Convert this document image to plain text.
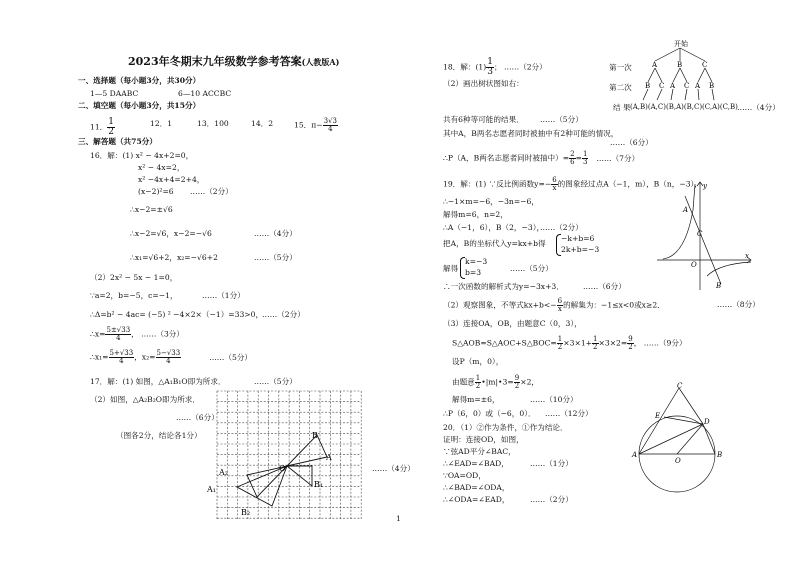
2023年冬期末九年级数学参考答案(人教版A)
一、选择题（每小题3分，共30分）
1—5 DAABC	6—10 ACCBC
二、填空题（每小题3分，共15分）
11． $\frac{1}{2}$	12．1	13．100	14．2	15．$\pi- \frac{3√3}{4}$
三、解答题（共75分）
16．解：(1) x² − 4x+2=0，
x² − 4x=2，
x² −4x+4=2+4，
(x−2)²=6 ……（2分）
∴x−2=±√6
∴x−2=√6，x−2=−√6	……（4分）
∴x₁=√6+2，x₂=−√6+2	……（5分）
（2）2x² − 5x − 1=0，
∵a=2，b=−5，c=−1，	……（1分）
∴Δ=b² − 4ac= (−5) ² −4×2×（−1）=33>0，
……（2分）
∴x= $\frac{5\pm√33}{4}$ ， ……（3分）
∴x₁= $\frac{5+√33}{4}$ ，$x_2= \frac{5-√33}{4}$	……（5分）
17．解：(1) 如图，△A₁B₁O即为所求．	……（5分）
（2）如图，△A₂B₂O即为所求．
……（6分）
（图各2分，结论各1分）
……（4分）
B
A
O
B₁
A₁
A₂
B₂
1
18．解：$(1) \frac{1}{3}$ ； ……（2分）
（2）画出树状图如右：
第一次
第二次
结 果
开始
A	B	C
B C A C A B
(A,B)(A,C)(B,A)(B,C)(C,A)(C,B) ……（4分）
共有6种等可能的结果． ……（5分）
其中A，B两名志愿者同时被抽中有2种可能的情况，
……（6分）
∴P（A，B两名志愿者同时被抽中）= $\frac{2}{6} = \frac{1}{3}$ ……（7分）
19．解：(1) ∵反比例函数$y=- \frac{6}{x}$ 的图象经过点A（−1，m），B（n，−3），
∴−1×m=−6，−3n=−6，
解得m=6，n=2，
∴A（−1，6），B（2，−3），
……（2分）
把A，B的坐标代入y=kx+b得
−k+b=6
2k+b=−3
解得
k=−3
b=3	……（5分）
∴一次函数的解析式为y=−3x+3．	……（6分）
（2）观察图象，不等式$kx+b<- \frac{6}{x}$ 的解集为：−1≤x<0或x≥2．	……（8分）
（3）连接OA，OB，由题意C（0，3），
S△AOB=S△AOC+S△BOC= $\frac{1}{2} \times 3\times 1+ \frac{1}{2} \times 3\times 2= \frac{9}{2}$ ， ……（9分）
设P（m，0），
由题意 $\frac{1}{2}$ •|m|•3= $\frac{9}{2} \times 2$，
解得m=±6，	……（10分）
∴P（6，0）或（−6，0）． ……（12分）
20．（1）②作为条件，①作为结论．
证明：连接OD，如图，
∵弦AD平分∠BAC，
∴∠EAD=∠BAD，	……（1分）
∵OA=OD，
∴∠BAD=∠ODA，
∴∠ODA=∠EAD，	……（2分）
A
C
O
B
x
y
C
E
D
A
O
B
